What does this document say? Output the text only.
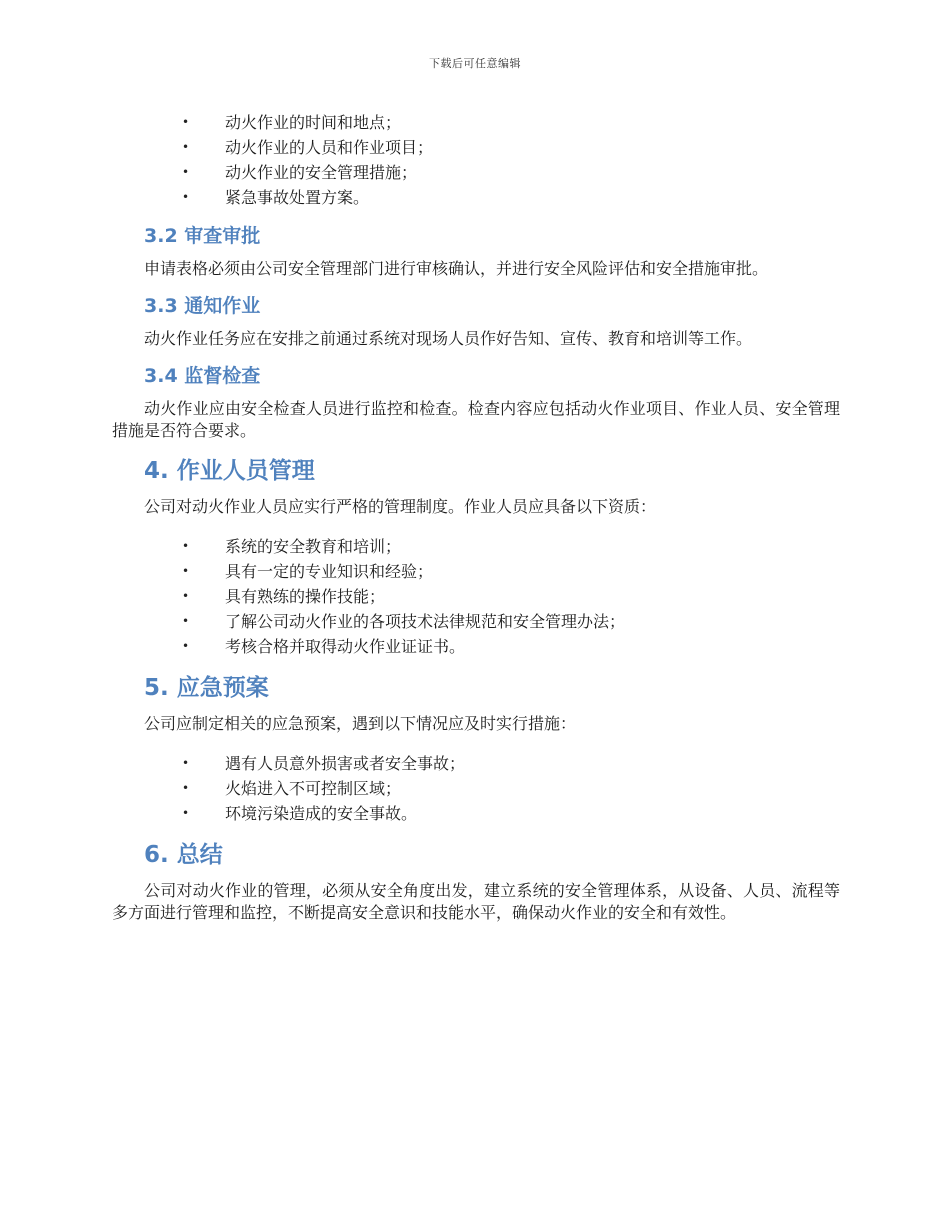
下载后可任意编辑
• 动火作业的时间和地点；
• 动火作业的人员和作业项目；
• 动火作业的安全管理措施；
• 紧急事故处置方案。
3.2 审查审批

申请表格必须由公司安全管理部门进行审核确认，并进行安全风险评估和安全措施审批。

3.3 通知作业

动火作业任务应在安排之前通过系统对现场人员作好告知、宣传、教育和培训等工作。

3.4 监督检查

动火作业应由安全检查人员进行监控和检查。检查内容应包括动火作业项目、作业人员、安全管理措施是否符合要求。

4. 作业人员管理

公司对动火作业人员应实行严格的管理制度。作业人员应具备以下资质：

• 系统的安全教育和培训；
• 具有一定的专业知识和经验；
• 具有熟练的操作技能；
• 了解公司动火作业的各项技术法律规范和安全管理办法；
• 考核合格并取得动火作业证证书。
5. 应急预案

公司应制定相关的应急预案，遇到以下情况应及时实行措施：

• 遇有人员意外损害或者安全事故；
• 火焰进入不可控制区域；
• 环境污染造成的安全事故。
6. 总结

公司对动火作业的管理，必须从安全角度出发，建立系统的安全管理体系，从设备、人员、流程等多方面进行管理和监控，不断提高安全意识和技能水平，确保动火作业的安全和有效性。
